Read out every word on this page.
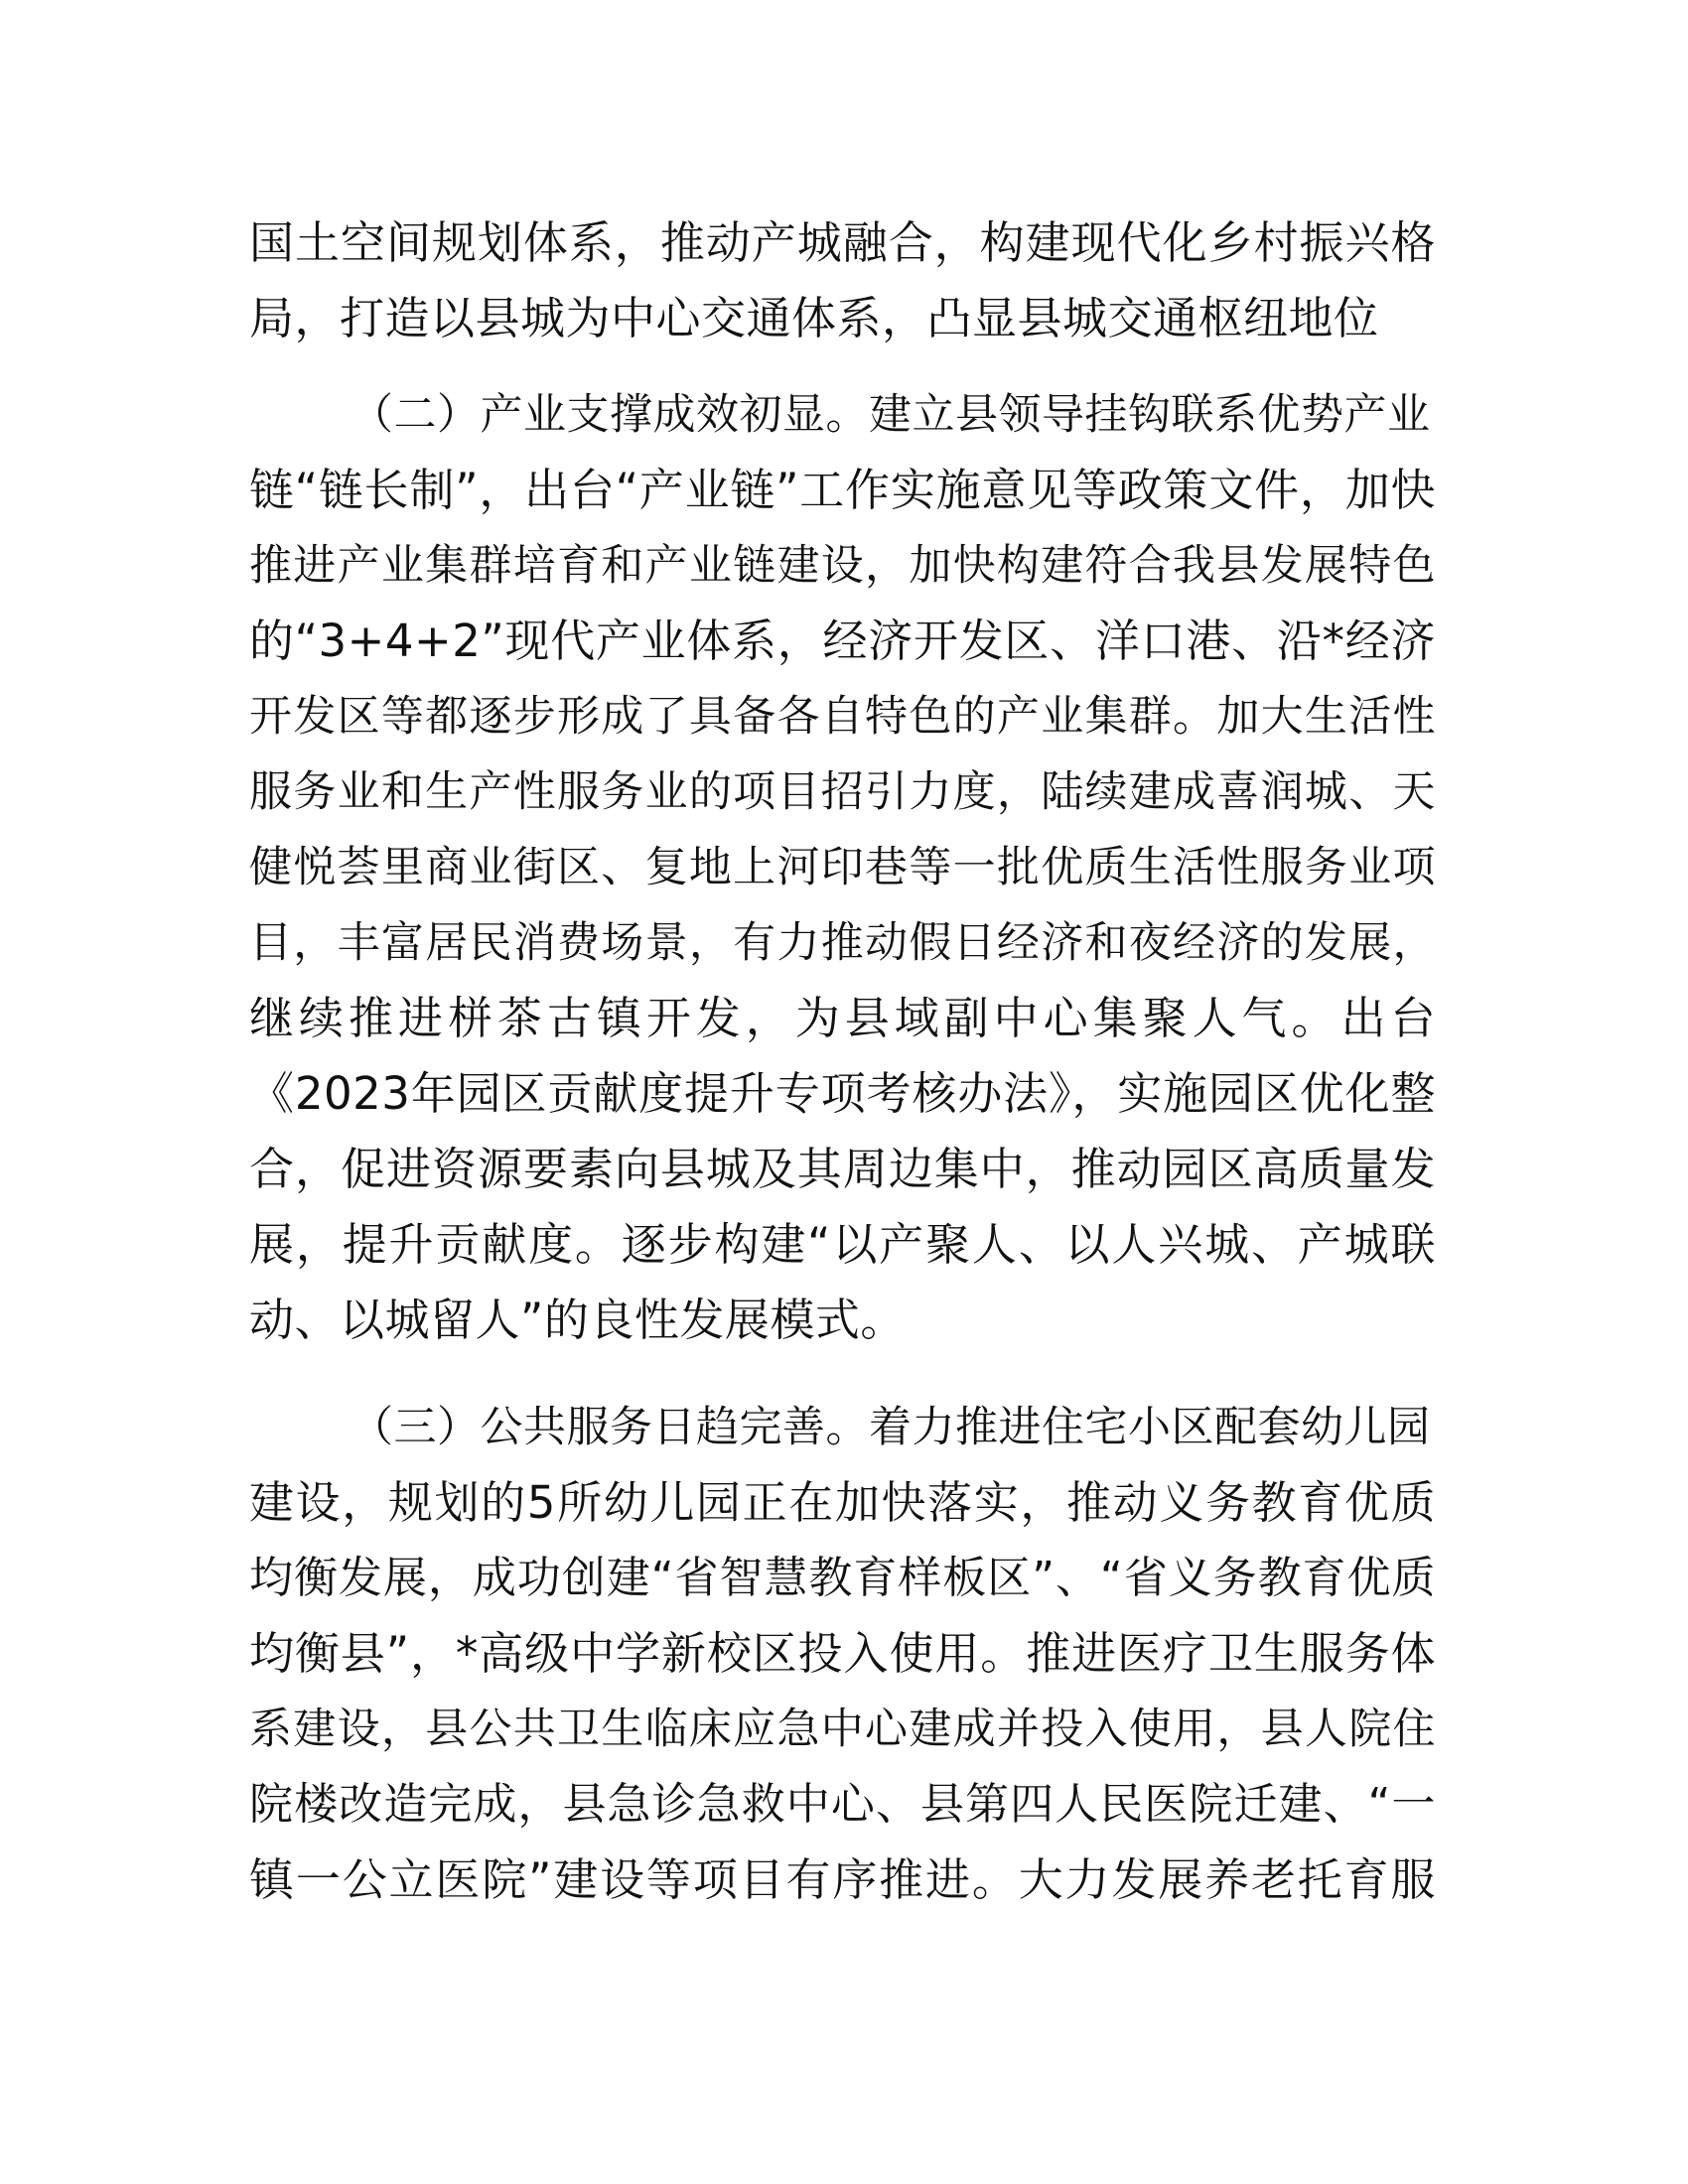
国土空间规划体系，推动产城融合，构建现代化乡村振兴格
局，打造以县城为中心交通体系，凸显县城交通枢纽地位
（二）产业支撑成效初显。建立县领导挂钩联系优势产业
链“链长制”，出台“产业链”工作实施意见等政策文件，加快
推进产业集群培育和产业链建设，加快构建符合我县发展特色
的“3+4+2”现代产业体系，经济开发区、洋口港、沿*经济
开发区等都逐步形成了具备各自特色的产业集群。加大生活性
服务业和生产性服务业的项目招引力度，陆续建成喜润城、天
健悦荟里商业街区、复地上河印巷等一批优质生活性服务业项
目，丰富居民消费场景，有力推动假日经济和夜经济的发展，
继续推进栟茶古镇开发，为县域副中心集聚人气。出台
《2023年园区贡献度提升专项考核办法》，实施园区优化整
合，促进资源要素向县城及其周边集中，推动园区高质量发
展，提升贡献度。逐步构建“以产聚人、以人兴城、产城联
动、以城留人”的良性发展模式。
（三）公共服务日趋完善。着力推进住宅小区配套幼儿园
建设，规划的5所幼儿园正在加快落实，推动义务教育优质
均衡发展，成功创建“省智慧教育样板区”、“省义务教育优质
均衡县”，*高级中学新校区投入使用。推进医疗卫生服务体
系建设，县公共卫生临床应急中心建成并投入使用，县人院住
院楼改造完成，县急诊急救中心、县第四人民医院迁建、“一
镇一公立医院”建设等项目有序推进。大力发展养老托育服
